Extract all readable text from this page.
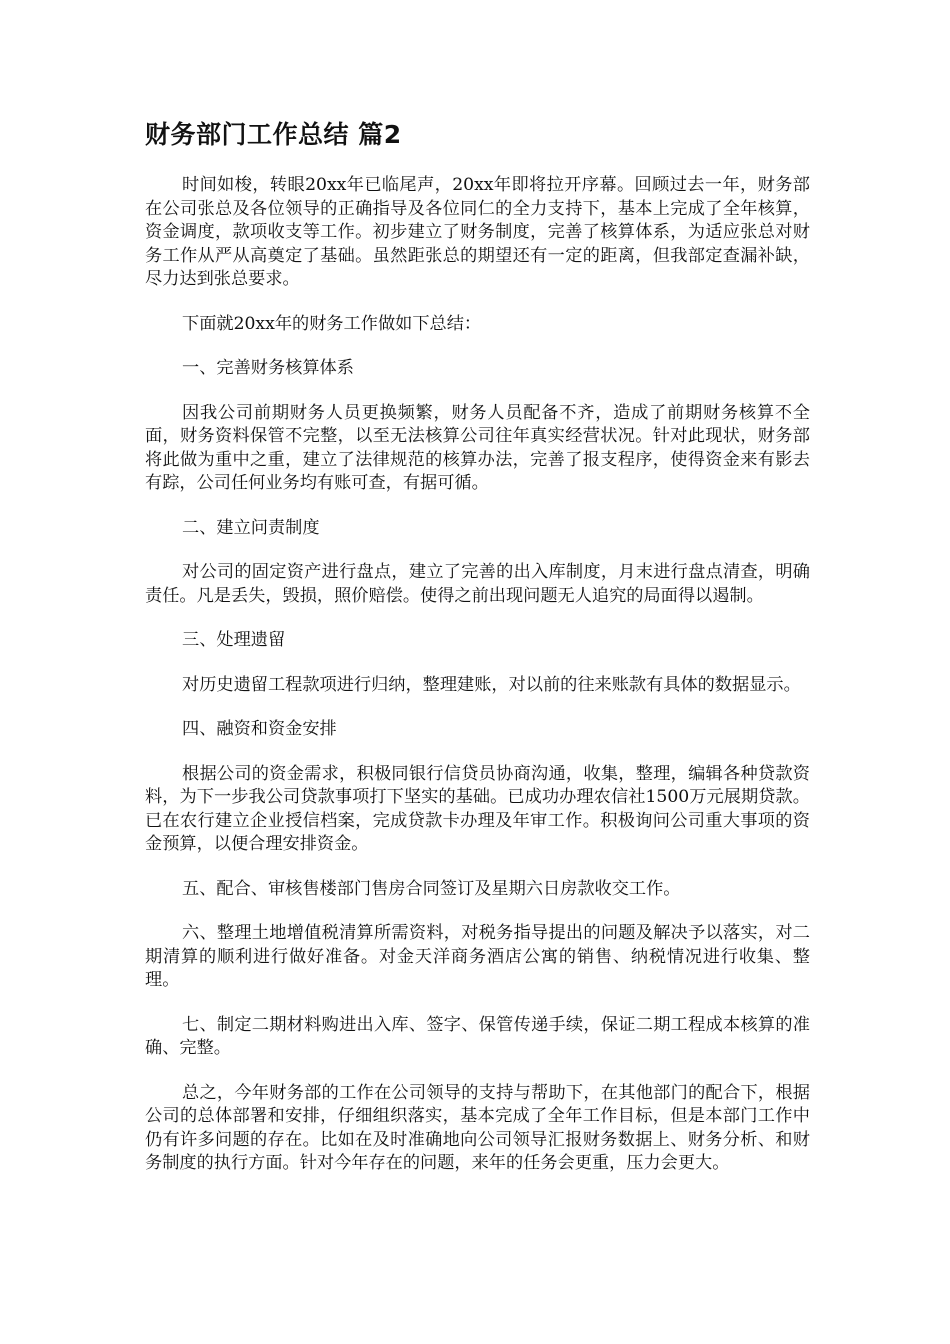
财务部门工作总结 篇2

时间如梭，转眼20xx年已临尾声，20xx年即将拉开序幕。回顾过去一年，财务部在公司张总及各位领导的正确指导及各位同仁的全力支持下，基本上完成了全年核算，资金调度，款项收支等工作。初步建立了财务制度，完善了核算体系，为适应张总对财务工作从严从高奠定了基础。虽然距张总的期望还有一定的距离，但我部定查漏补缺，尽力达到张总要求。

下面就20xx年的财务工作做如下总结：

一、完善财务核算体系

因我公司前期财务人员更换频繁，财务人员配备不齐，造成了前期财务核算不全面，财务资料保管不完整，以至无法核算公司往年真实经营状况。针对此现状，财务部将此做为重中之重，建立了法律规范的核算办法，完善了报支程序，使得资金来有影去有踪，公司任何业务均有账可查，有据可循。

二、建立问责制度

对公司的固定资产进行盘点，建立了完善的出入库制度，月末进行盘点清查，明确责任。凡是丢失，毁损，照价赔偿。使得之前出现问题无人追究的局面得以遏制。

三、处理遗留

对历史遗留工程款项进行归纳，整理建账，对以前的往来账款有具体的数据显示。

四、融资和资金安排

根据公司的资金需求，积极同银行信贷员协商沟通，收集，整理，编辑各种贷款资料，为下一步我公司贷款事项打下坚实的基础。已成功办理农信社1500万元展期贷款。已在农行建立企业授信档案，完成贷款卡办理及年审工作。积极询问公司重大事项的资金预算，以便合理安排资金。

五、配合、审核售楼部门售房合同签订及星期六日房款收交工作。

六、整理土地增值税清算所需资料，对税务指导提出的问题及解决予以落实，对二期清算的顺利进行做好准备。对金天洋商务酒店公寓的销售、纳税情况进行收集、整理。

七、制定二期材料购进出入库、签字、保管传递手续，保证二期工程成本核算的准确、完整。

总之，今年财务部的工作在公司领导的支持与帮助下，在其他部门的配合下，根据公司的总体部署和安排，仔细组织落实，基本完成了全年工作目标，但是本部门工作中仍有许多问题的存在。比如在及时准确地向公司领导汇报财务数据上、财务分析、和财务制度的执行方面。针对今年存在的问题，来年的任务会更重，压力会更大。
